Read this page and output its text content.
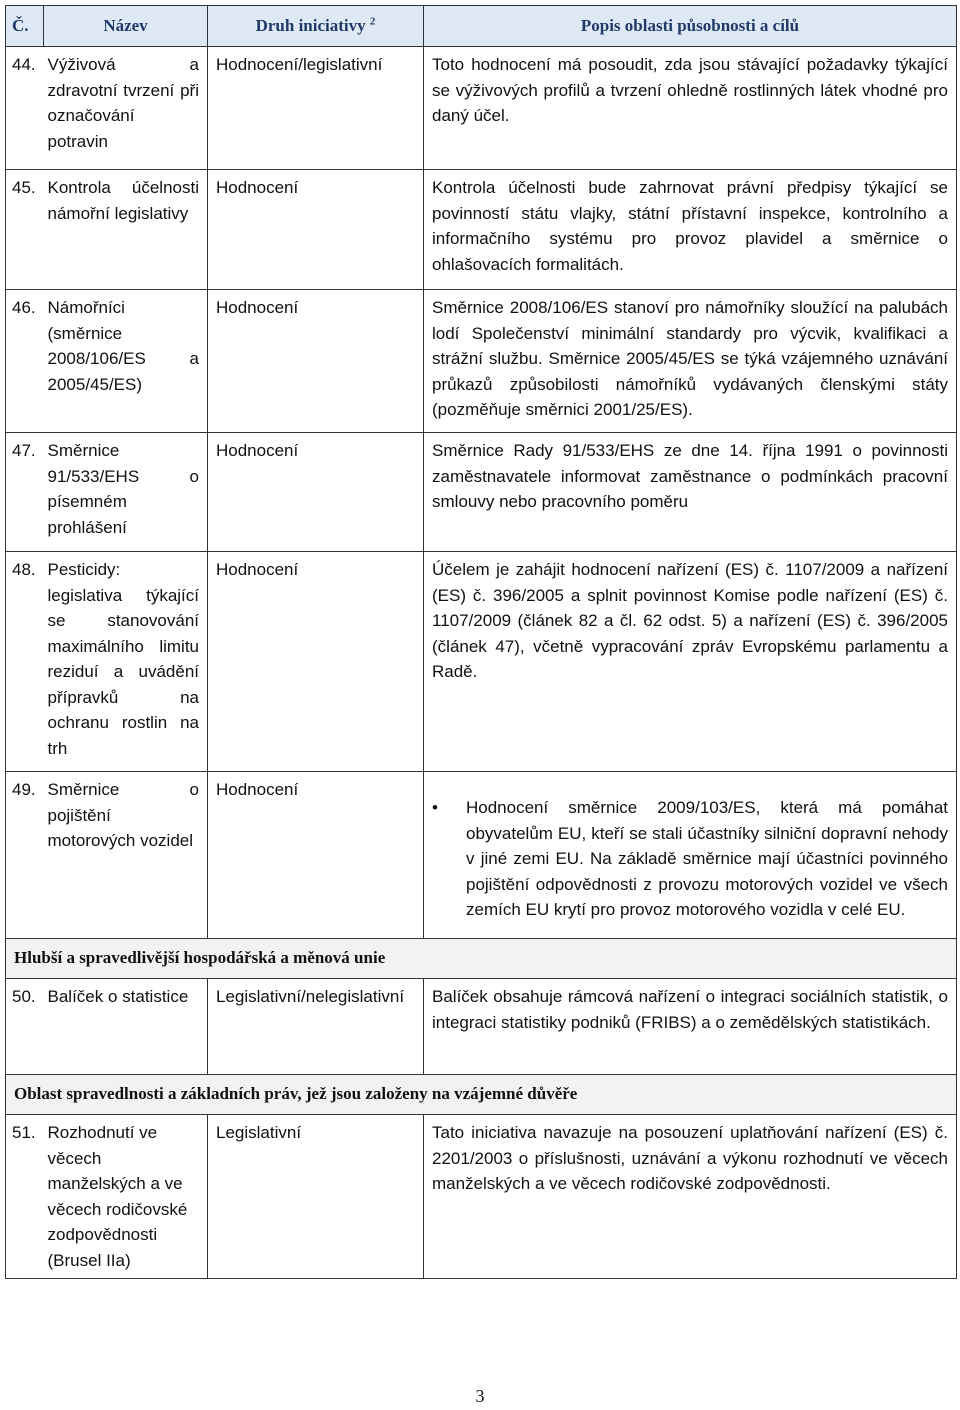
Č.	Název	Druh iniciativy $^2$	Popis oblasti působnosti a cílů
44.	Výživová a zdravotní tvrzení při označování potravin	Hodnocení/legislativní	Toto hodnocení má posoudit, zda jsou stávající požadavky týkající se výživových profilů a tvrzení ohledně rostlinných látek vhodné pro daný účel.
45.	Kontrola účelnosti námořní legislativy	Hodnocení	Kontrola účelnosti bude zahrnovat právní předpisy týkající se povinností státu vlajky, státní přístavní inspekce, kontrolního a informačního systému pro provoz plavidel a směrnice o ohlašovacích formalitách.
46.	Námořníci (směrnice 2008/106/ES a 2005/45/ES)	Hodnocení	Směrnice 2008/106/ES stanoví pro námořníky sloužící na palubách lodí Společenství minimální standardy pro výcvik, kvalifikaci a strážní službu. Směrnice 2005/45/ES se týká vzájemného uznávání průkazů způsobilosti námořníků vydávaných členskými státy (pozměňuje směrnici 2001/25/ES).
47.	Směrnice 91/533/EHS o písemném prohlášení	Hodnocení	Směrnice Rady 91/533/EHS ze dne 14. října 1991 o povinnosti zaměstnavatele informovat zaměstnance o podmínkách pracovní smlouvy nebo pracovního poměru
48.	Pesticidy: legislativa týkající se stanovování maximálního limitu reziduí a uvádění přípravků na ochranu rostlin na trh	Hodnocení	Účelem je zahájit hodnocení nařízení (ES) č. 1107/2009 a nařízení (ES) č. 396/2005 a splnit povinnost Komise podle nařízení (ES) č. 1107/2009 (článek 82 a čl. 62 odst. 5) a nařízení (ES) č. 396/2005 (článek 47), včetně vypracování zpráv Evropskému parlamentu a Radě.
49.	Směrnice o pojištění motorových vozidel	Hodnocení	• Hodnocení směrnice 2009/103/ES, která má pomáhat obyvatelům EU, kteří se stali účastníky silniční dopravní nehody v jiné zemi EU. Na základě směrnice mají účastníci povinného pojištění odpovědnosti z provozu motorových vozidel ve všech zemích EU krytí pro provoz motorového vozidla v celé EU.

Hlubší a spravedlivější hospodářská a měnová unie			
50.	Balíček o statistice	Legislativní/nelegislativní	Balíček obsahuje rámcová nařízení o integraci sociálních statistik, o integraci statistiky podniků (FRIBS) a o zemědělských statistikách.
Oblast spravedlnosti a základních práv, jež jsou založeny na vzájemné důvěře			
51.	Rozhodnutí ve věcech manželských a ve věcech rodičovské zodpovědnosti (Brusel IIa)	Legislativní	Tato iniciativa navazuje na posouzení uplatňování nařízení (ES) č. 2201/2003 o příslušnosti, uznávání a výkonu rozhodnutí ve věcech manželských a ve věcech rodičovské zodpovědnosti.
3
